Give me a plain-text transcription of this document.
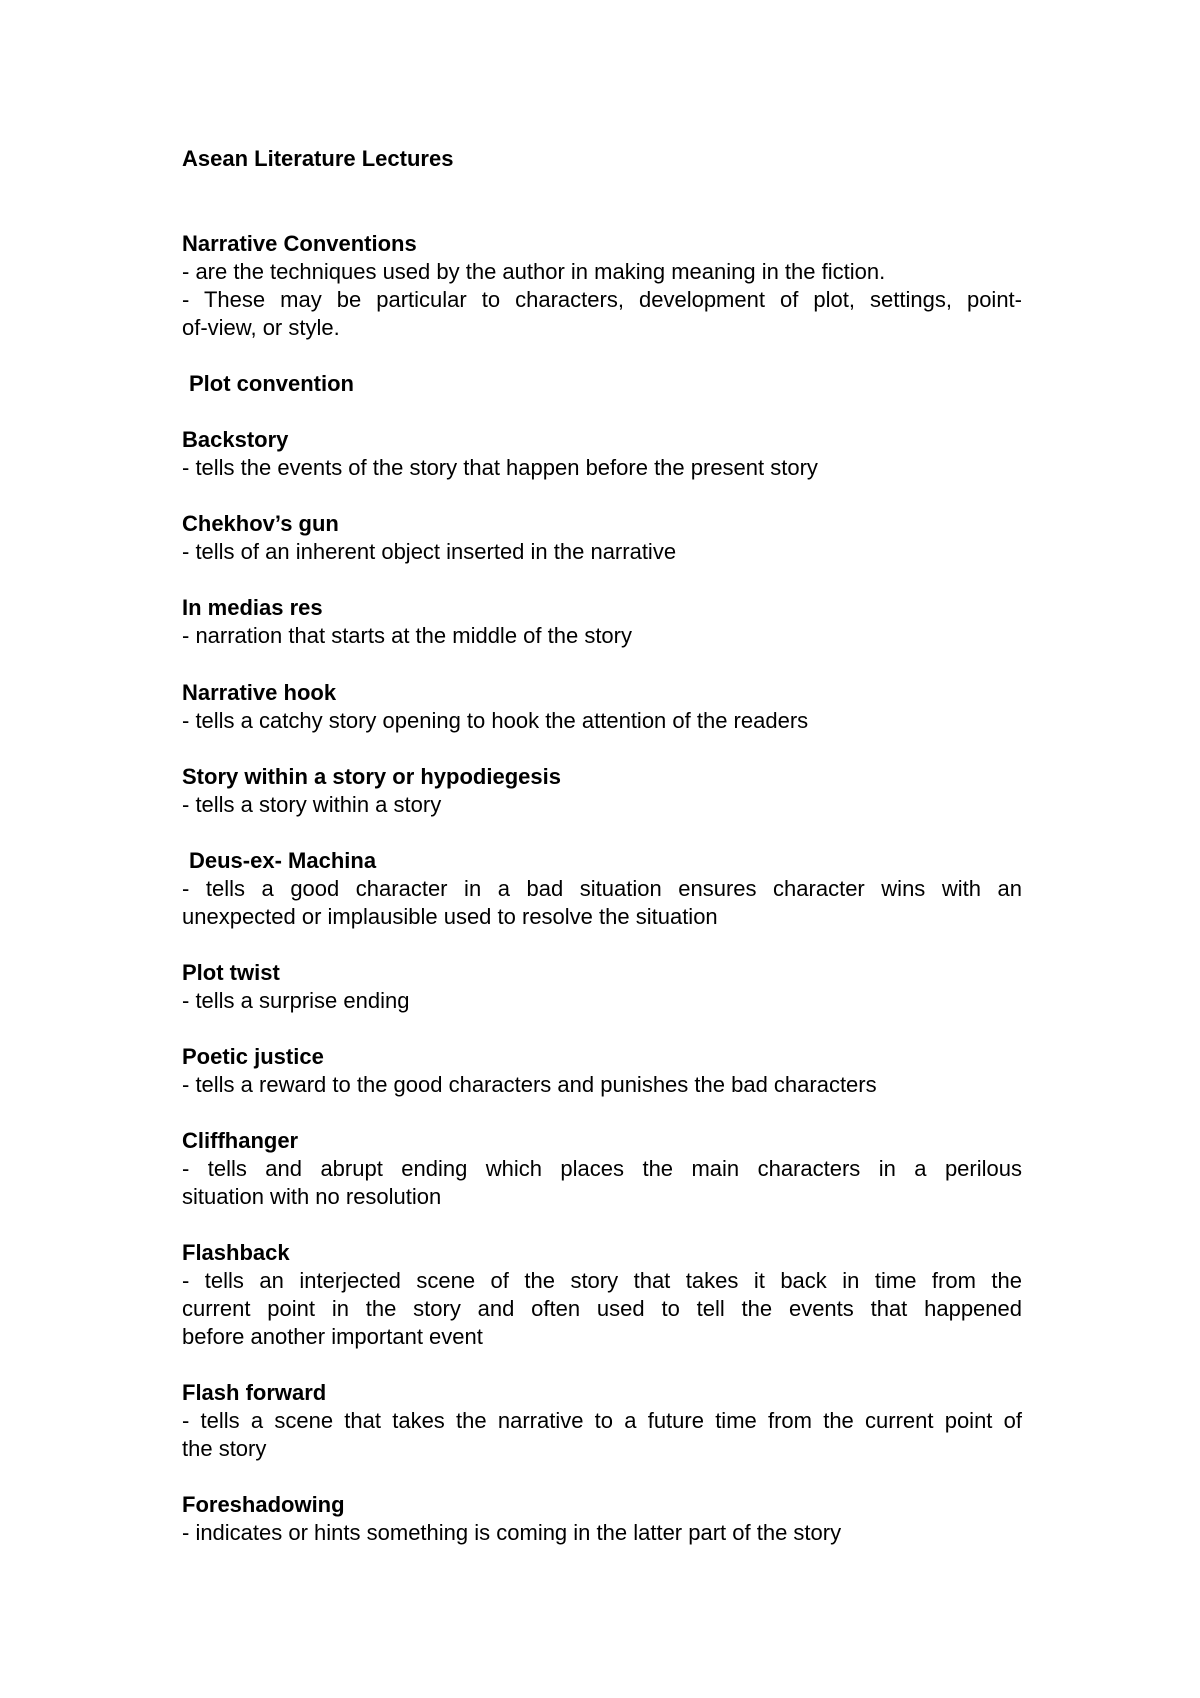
Asean Literature Lectures
Narrative Conventions
- are the techniques used by the author in making meaning in the fiction.
- These may be particular to characters, development of plot, settings, point-
of-view, or style.
Plot convention
Backstory
- tells the events of the story that happen before the present story
Chekhov’s gun
- tells of an inherent object inserted in the narrative
In medias res
- narration that starts at the middle of the story
Narrative hook
- tells a catchy story opening to hook the attention of the readers
Story within a story or hypodiegesis
- tells a story within a story
Deus-ex- Machina
- tells a good character in a bad situation ensures character wins with an
unexpected or implausible used to resolve the situation
Plot twist
- tells a surprise ending
Poetic justice
- tells a reward to the good characters and punishes the bad characters
Cliffhanger
- tells and abrupt ending which places the main characters in a perilous
situation with no resolution
Flashback
- tells an interjected scene of the story that takes it back in time from the
current point in the story and often used to tell the events that happened
before another important event
Flash forward
- tells a scene that takes the narrative to a future time from the current point of
the story
Foreshadowing
- indicates or hints something is coming in the latter part of the story
